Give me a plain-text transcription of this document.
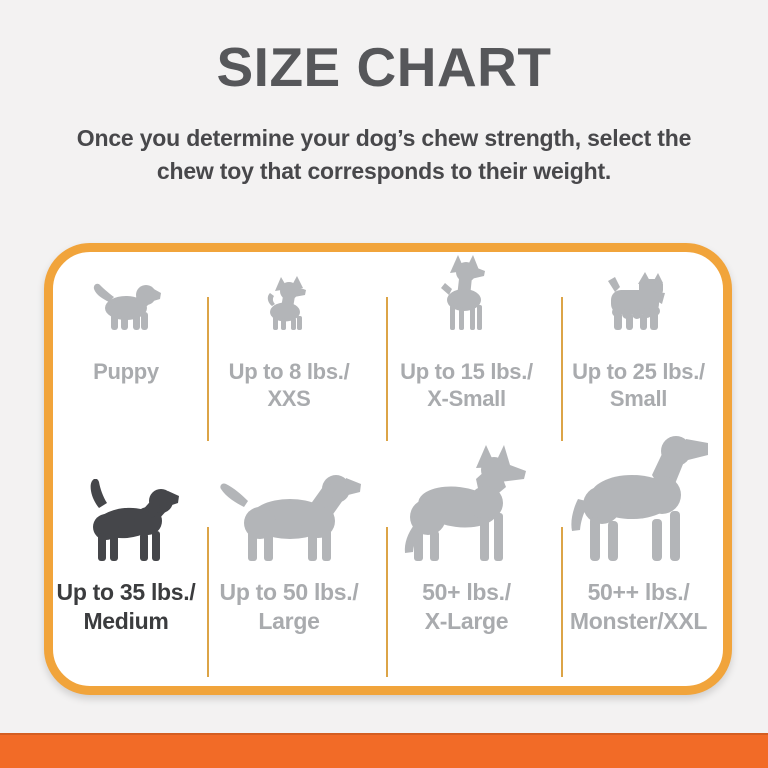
SIZE CHART
Once you determine your dog’s chew strength, select the
chew toy that corresponds to their weight.
Puppy	Up to 8 lbs./
XXS
Up to 15 lbs./
X-Small
Up to 25 lbs./
Small
Up to 35 lbs./
Medium
Up to 50 lbs./
Large
50+ lbs./
X-Large
50++ lbs./
Monster/XXL
